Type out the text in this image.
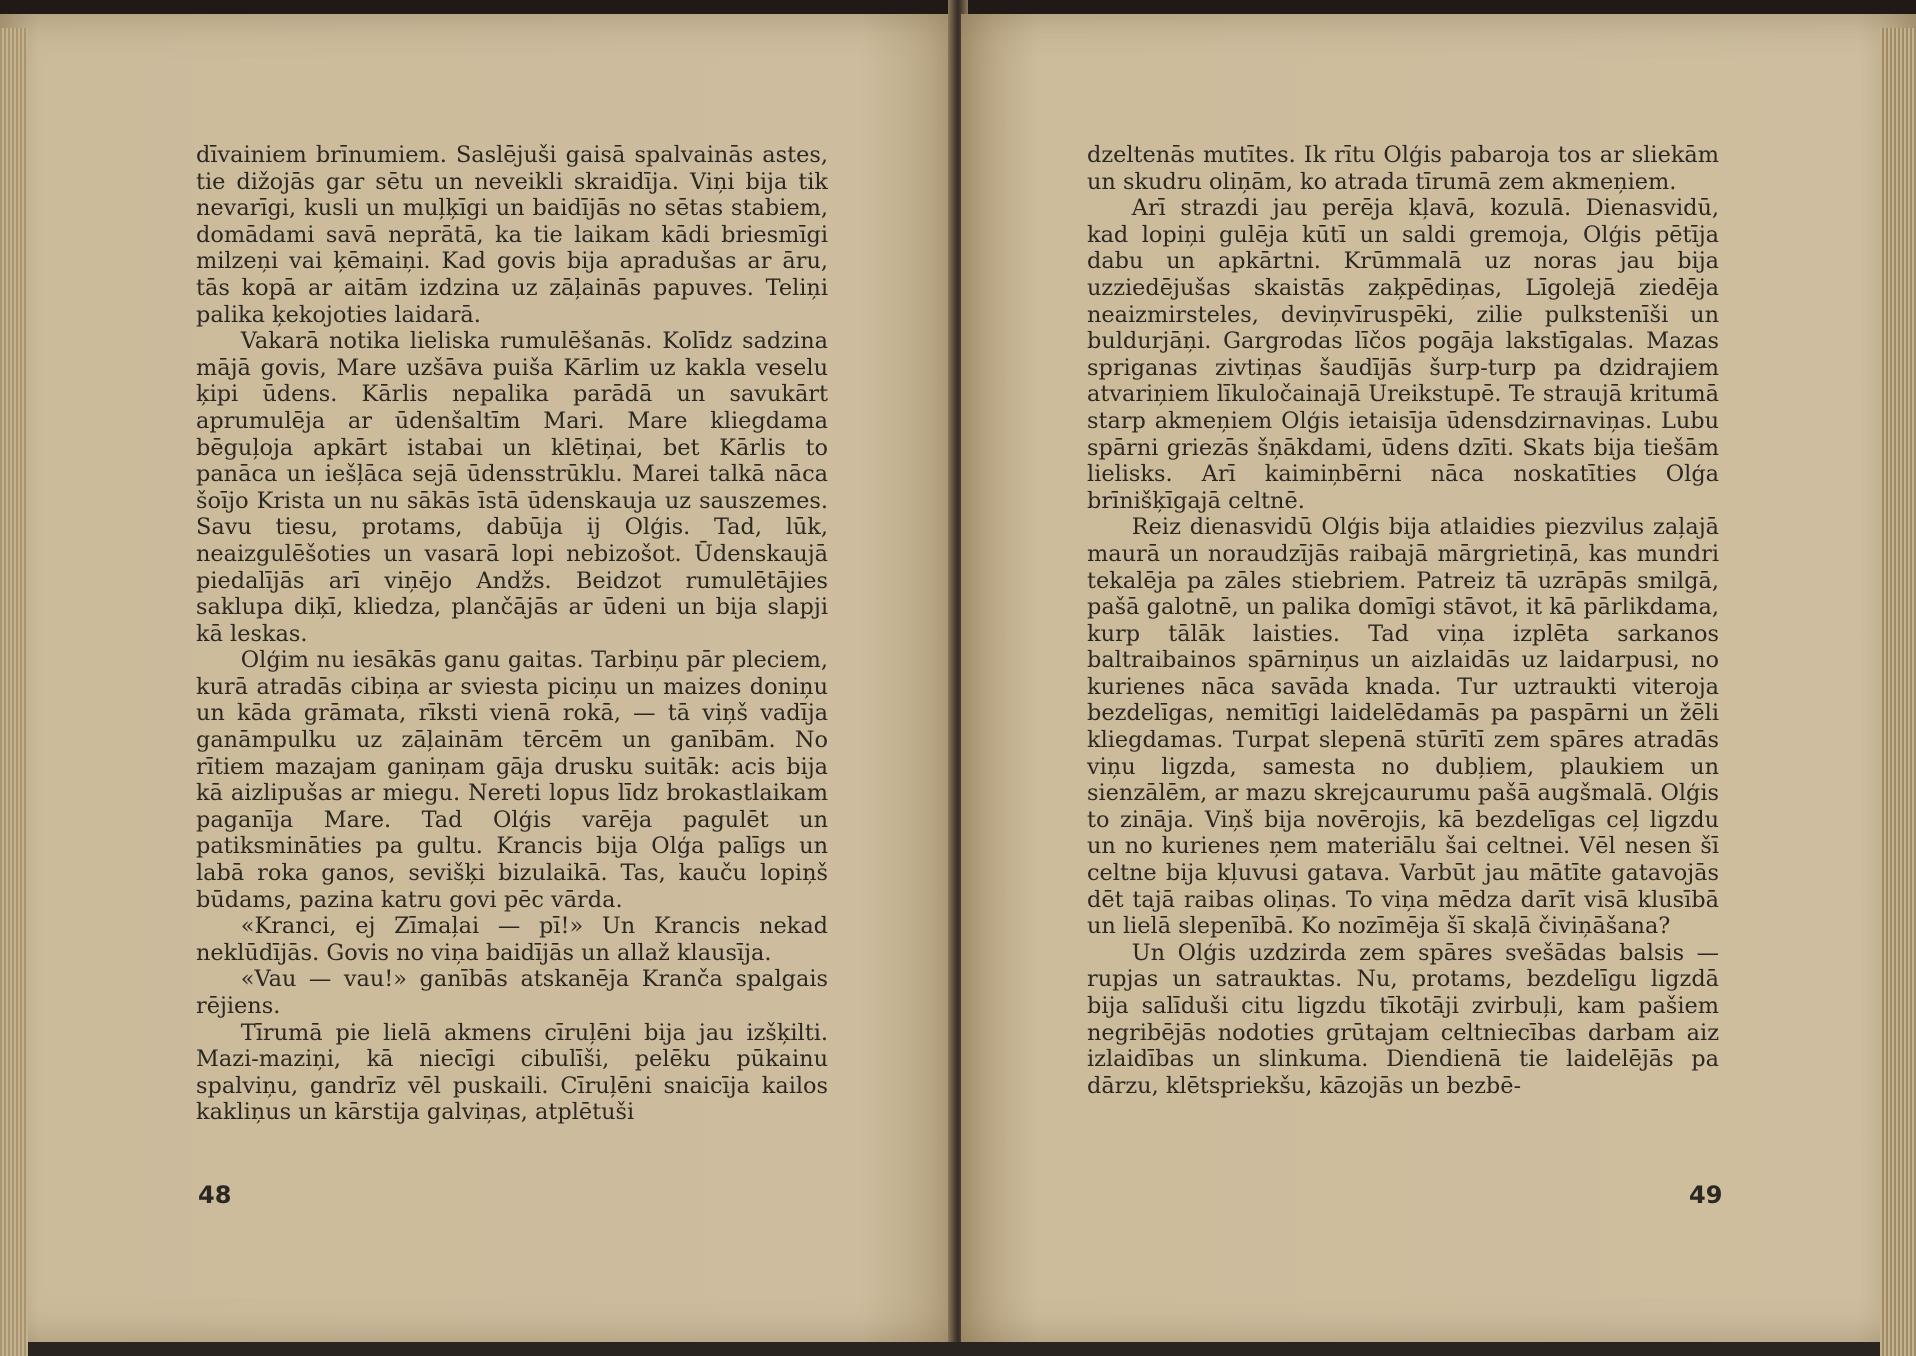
dīvainiem brīnumiem. Saslējuši gaisā spalvainās astes, tie dižojās gar sētu un neveikli skraidīja. Viņi bija tik nevarīgi, kusli un muļķīgi un baidījās no sētas stabiem, domādami savā neprātā, ka tie laikam kādi briesmīgi milzeņi vai ķēmaiņi. Kad govis bija apradušas ar āru, tās kopā ar aitām izdzina uz zāļainās papuves. Teliņi palika ķekojoties laidarā.

Vakarā notika lieliska rumulēšanās. Kolīdz sadzina mājā govis, Mare uzšāva puiša Kārlim uz kakla veselu ķipi ūdens. Kārlis nepalika parādā un savukārt aprumulēja ar ūdenšaltīm Mari. Mare kliegdama bēguļoja apkārt istabai un klētiņai, bet Kārlis to panāca un iešļāca sejā ūdensstrūklu. Marei talkā nāca šoījo Krista un nu sākās īstā ūdenskauja uz sauszemes. Savu tiesu, protams, dabūja ij Olģis. Tad, lūk, neaizgulēšoties un vasarā lopi nebizošot. Ūdenskaujā piedalījās arī viņējo Andžs. Beidzot rumulētājies saklupa diķī, kliedza, plančājās ar ūdeni un bija slapji kā leskas.

Olģim nu iesākās ganu gaitas. Tarbiņu pār pleciem, kurā atradās cibiņa ar sviesta piciņu un maizes doniņu un kāda grāmata, rīksti vienā rokā, — tā viņš vadīja ganāmpulku uz zāļainām tērcēm un ganībām. No rītiem mazajam ganiņam gāja drusku suitāk: acis bija kā aizlipušas ar miegu. Nereti lopus līdz brokastlaikam paganīja Mare. Tad Olģis varēja pagulēt un patiksmināties pa gultu. Krancis bija Olģa palīgs un labā roka ganos, sevišķi bizulaikā. Tas, kauču lopiņš būdams, pazina katru govi pēc vārda.

«Kranci, ej Zīmaļai — pī!» Un Krancis nekad neklūdījās. Govis no viņa baidījās un allaž klausīja.

«Vau — vau!» ganībās atskanēja Kranča spalgais rējiens.

Tīrumā pie lielā akmens cīruļēni bija jau izšķilti. Mazi-maziņi, kā niecīgi cibulīši, pelēku pūkainu spalviņu, gandrīz vēl puskaili. Cīruļēni snaicīja kailos kakliņus un kārstija galviņas, atplētuši

48

dzeltenās mutītes. Ik rītu Olģis pabaroja tos ar sliekām un skudru oliņām, ko atrada tīrumā zem akmeņiem.

Arī strazdi jau perēja kļavā, kozulā. Dienasvidū, kad lopiņi gulēja kūtī un saldi gremoja, Olģis pētīja dabu un apkārtni. Krūmmalā uz noras jau bija uzziedējušas skaistās zaķpēdiņas, Līgolejā ziedēja neaizmirsteles, deviņvīruspēki, zilie pulkstenīši un buldurjāņi. Gargrodas līčos pogāja lakstīgalas. Mazas spriganas zivtiņas šaudījās šurp-turp pa dzidrajiem atvariņiem līkuločainajā Ureikstupē. Te straujā kritumā starp akmeņiem Olģis ietaisīja ūdensdzirnaviņas. Lubu spārni griezās šņākdami, ūdens dzīti. Skats bija tiešām lielisks. Arī kaimiņbērni nāca noskatīties Olģa brīnišķīgajā celtnē.

Reiz dienasvidū Olģis bija atlaidies piezvilus zaļajā maurā un noraudzījās raibajā mārgrietiņā, kas mundri tekalēja pa zāles stiebriem. Patreiz tā uzrāpās smilgā, pašā galotnē, un palika domīgi stāvot, it kā pārlikdama, kurp tālāk laisties. Tad viņa izplēta sarkanos baltraibainos spārniņus un aizlaidās uz laidarpusi, no kurienes nāca savāda knada. Tur uztraukti viteroja bezdelīgas, nemitīgi laidelēdamās pa paspārni un žēli kliegdamas. Turpat slepenā stūrītī zem spāres atradās viņu ligzda, samesta no dubļiem, plaukiem un sienzālēm, ar mazu skrejcaurumu pašā augšmalā. Olģis to zināja. Viņš bija novērojis, kā bezdelīgas ceļ ligzdu un no kurienes ņem materiālu šai celtnei. Vēl nesen šī celtne bija kļuvusi gatava. Varbūt jau mātīte gatavojās dēt tajā raibas oliņas. To viņa mēdza darīt visā klusībā un lielā slepenībā. Ko nozīmēja šī skaļā čiviņāšana?

Un Olģis uzdzirda zem spāres svešādas balsis — rupjas un satrauktas. Nu, protams, bezdelīgu ligzdā bija salīduši citu ligzdu tīkotāji zvirbuļi, kam pašiem negribējās nodoties grūtajam celtniecības darbam aiz izlaidības un slinkuma. Diendienā tie laidelējās pa dārzu, klētspriekšu, kāzojās un bezbē-

49
